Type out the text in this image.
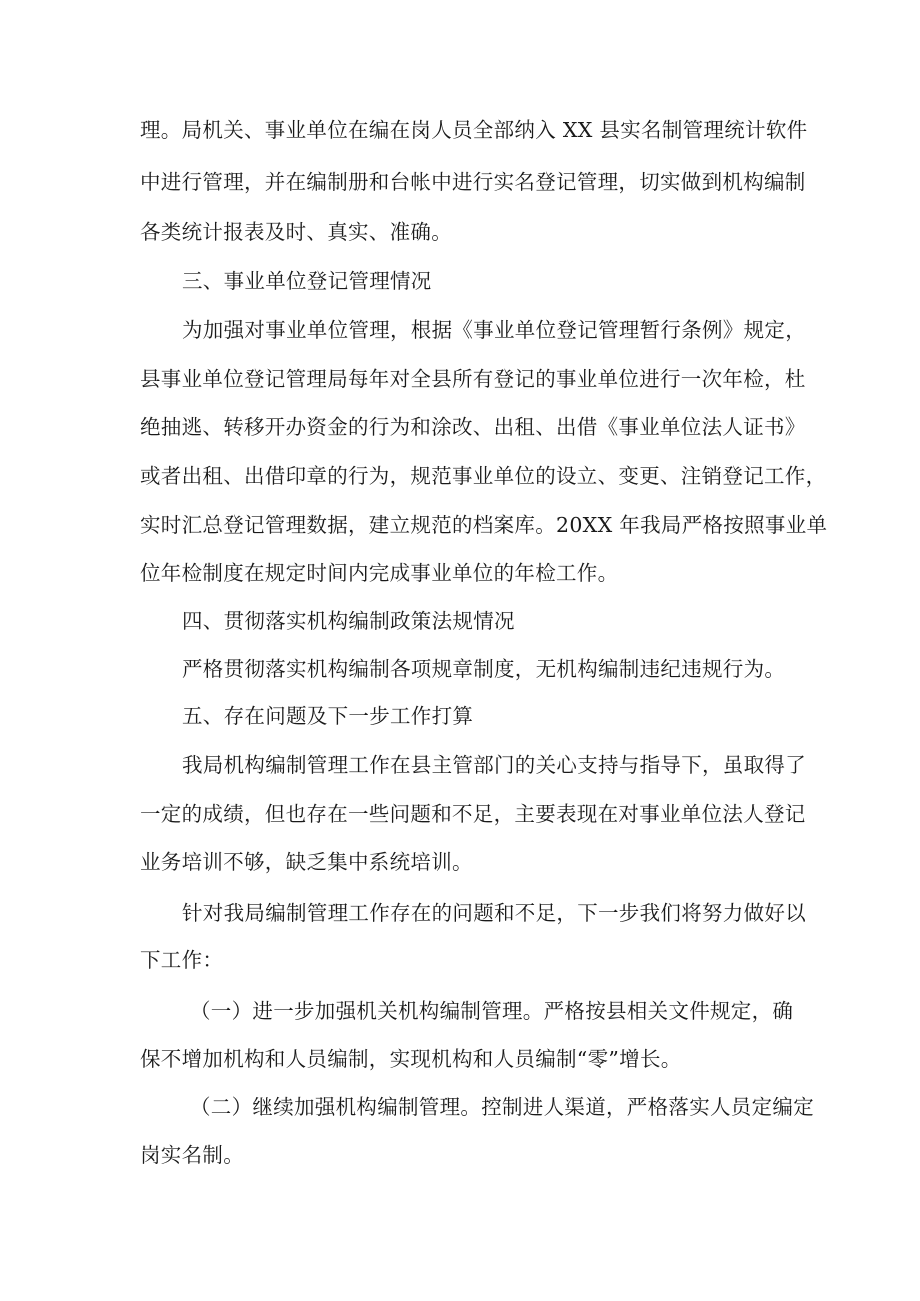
理。局机关、事业单位在编在岗人员全部纳入 XX 县实名制管理统计软件
中进行管理，并在编制册和台帐中进行实名登记管理，切实做到机构编制
各类统计报表及时、真实、准确。
三、事业单位登记管理情况
为加强对事业单位管理，根据《事业单位登记管理暂行条例》规定，
县事业单位登记管理局每年对全县所有登记的事业单位进行一次年检，杜
绝抽逃、转移开办资金的行为和涂改、出租、出借《事业单位法人证书》
或者出租、出借印章的行为，规范事业单位的设立、变更、注销登记工作，
实时汇总登记管理数据，建立规范的档案库。20XX 年我局严格按照事业单
位年检制度在规定时间内完成事业单位的年检工作。
四、贯彻落实机构编制政策法规情况
严格贯彻落实机构编制各项规章制度，无机构编制违纪违规行为。
五、存在问题及下一步工作打算
我局机构编制管理工作在县主管部门的关心支持与指导下，虽取得了
一定的成绩，但也存在一些问题和不足，主要表现在对事业单位法人登记
业务培训不够，缺乏集中系统培训。
针对我局编制管理工作存在的问题和不足，下一步我们将努力做好以
下工作：
（一）进一步加强机关机构编制管理。严格按县相关文件规定，确
保不增加机构和人员编制，实现机构和人员编制“零”增长。
（二）继续加强机构编制管理。控制进人渠道，严格落实人员定编定
岗实名制。
